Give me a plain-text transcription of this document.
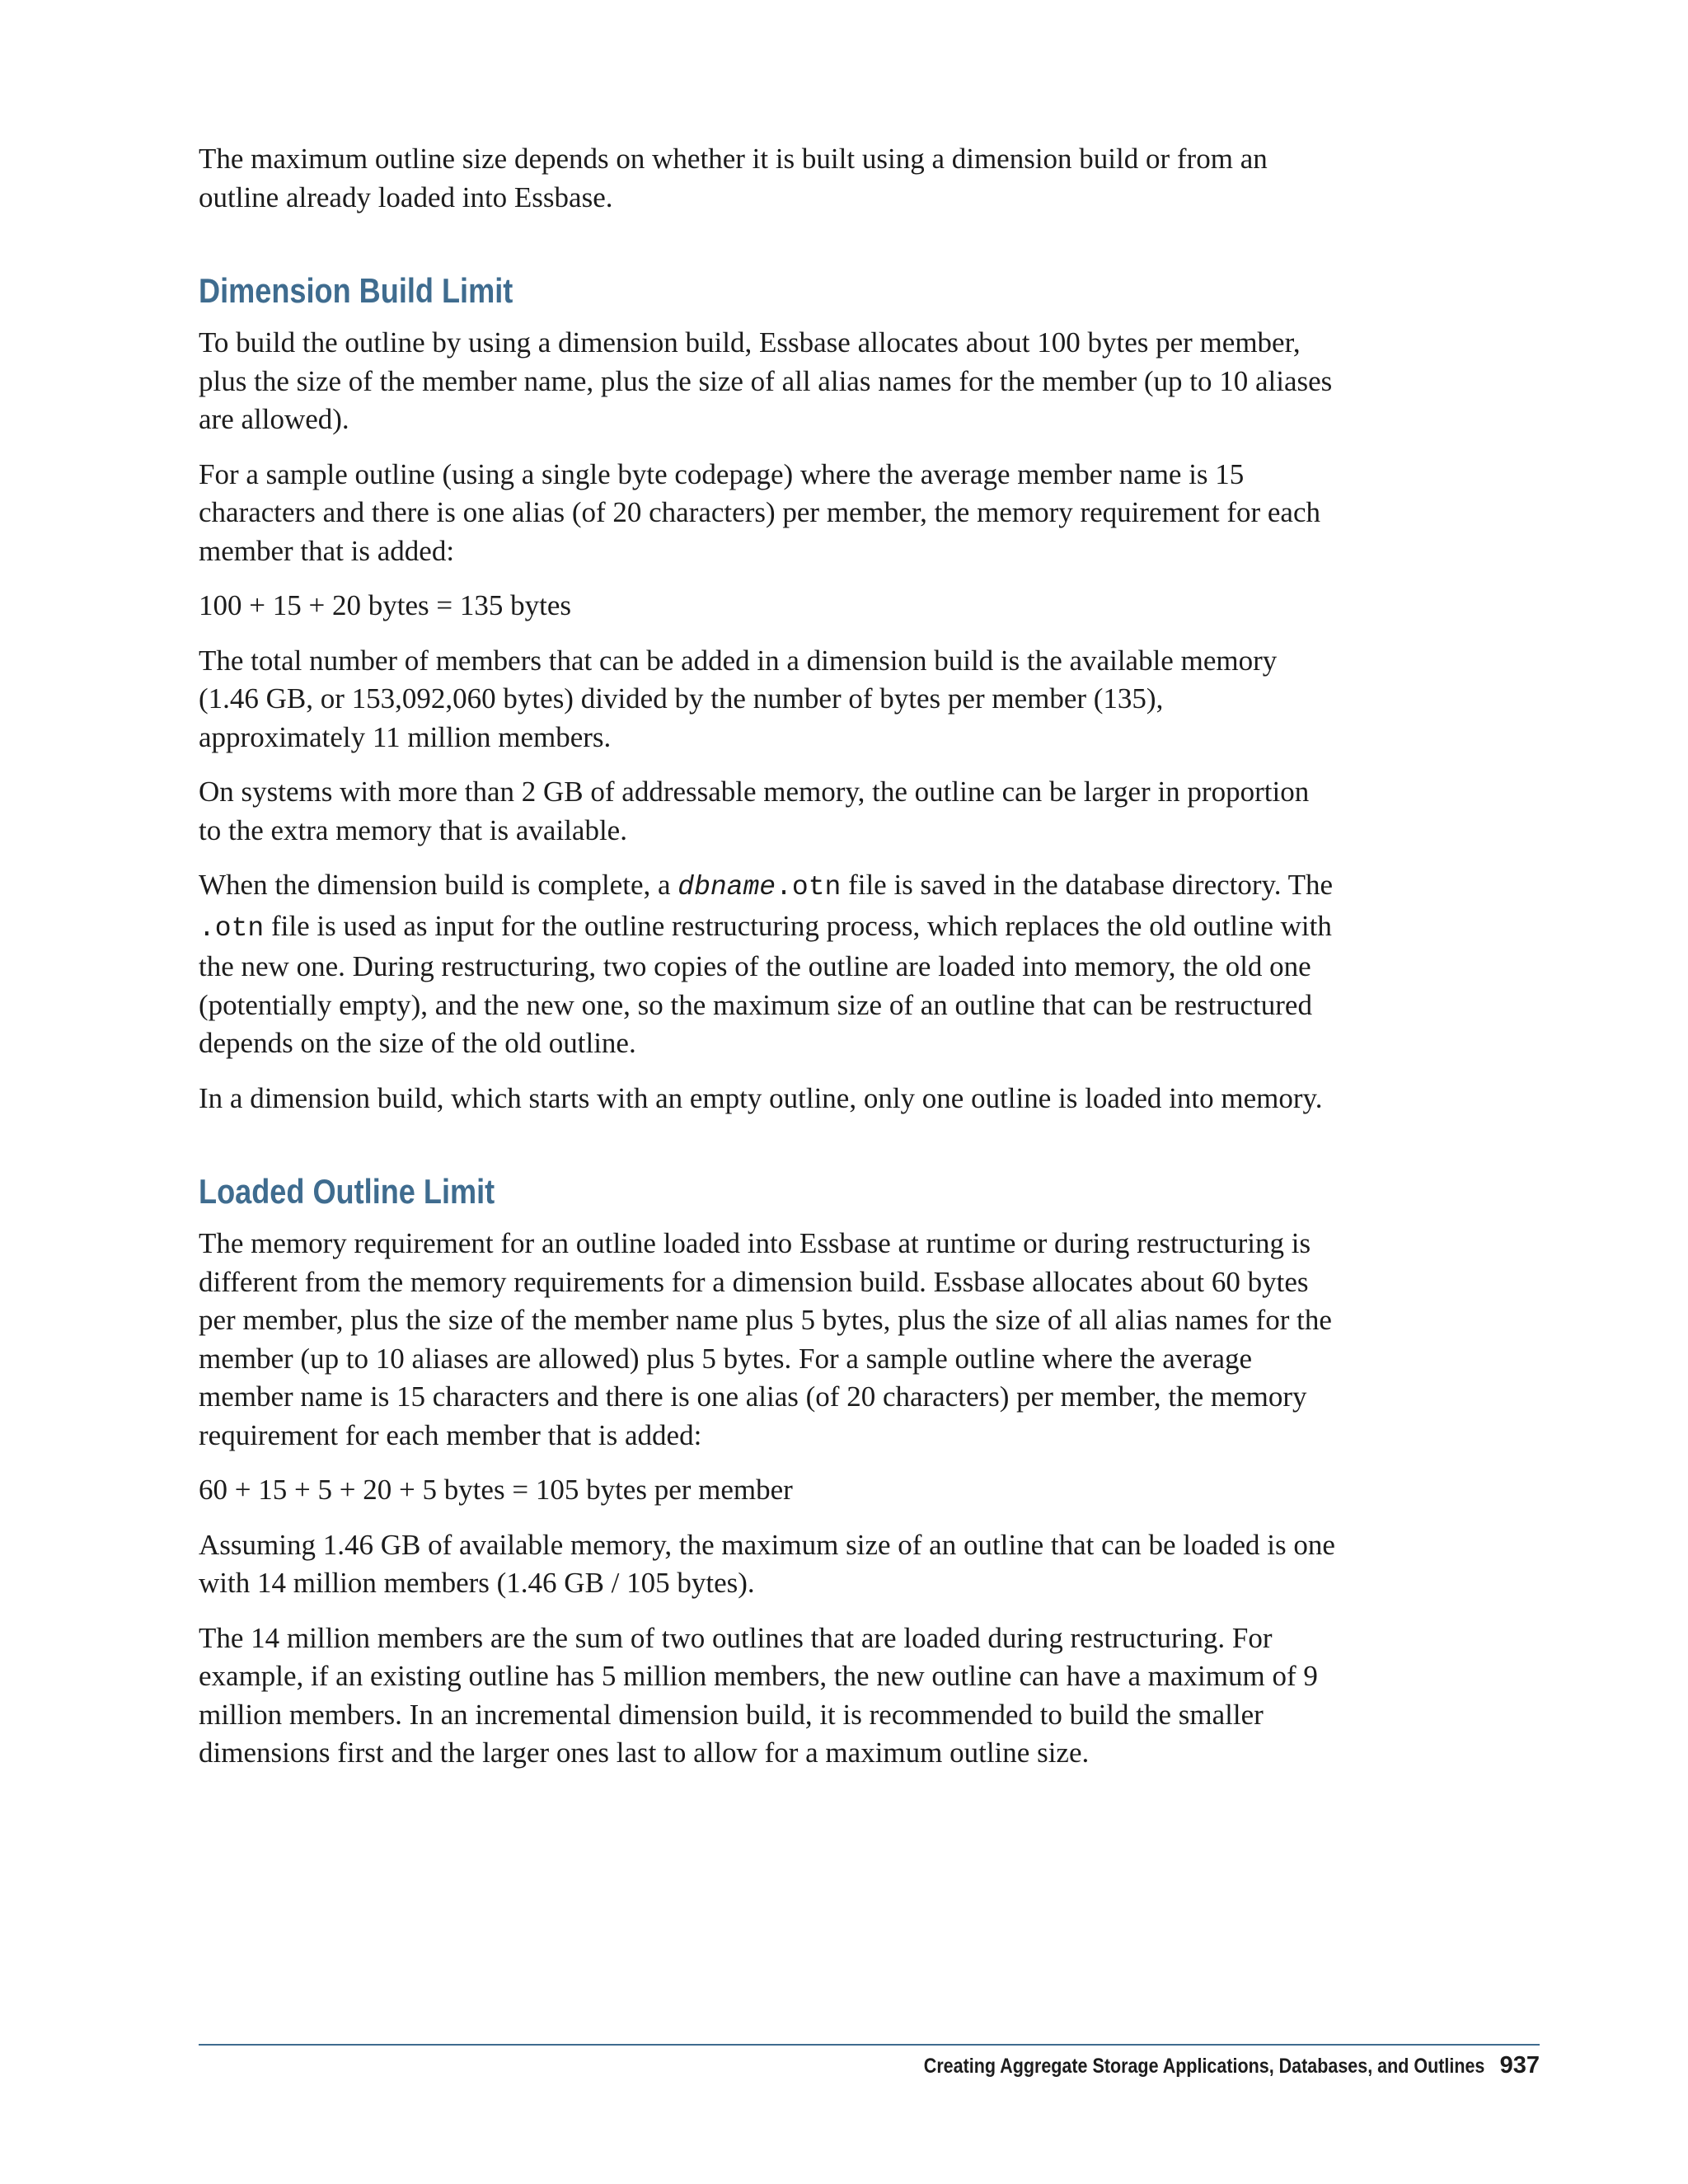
The maximum outline size depends on whether it is built using a dimension build or from an outline already loaded into Essbase.

Dimension Build Limit

To build the outline by using a dimension build, Essbase allocates about 100 bytes per member, plus the size of the member name, plus the size of all alias names for the member (up to 10 aliases are allowed).

For a sample outline (using a single byte codepage) where the average member name is 15 characters and there is one alias (of 20 characters) per member, the memory requirement for each member that is added:

100 + 15 + 20 bytes = 135 bytes

The total number of members that can be added in a dimension build is the available memory (1.46 GB, or 153,092,060 bytes) divided by the number of bytes per member (135), approximately 11 million members.

On systems with more than 2 GB of addressable memory, the outline can be larger in proportion to the extra memory that is available.

When the dimension build is complete, a dbname.otn file is saved in the database directory. The .otn file is used as input for the outline restructuring process, which replaces the old outline with the new one. During restructuring, two copies of the outline are loaded into memory, the old one (potentially empty), and the new one, so the maximum size of an outline that can be restructured depends on the size of the old outline.

In a dimension build, which starts with an empty outline, only one outline is loaded into memory.

Loaded Outline Limit

The memory requirement for an outline loaded into Essbase at runtime or during restructuring is different from the memory requirements for a dimension build. Essbase allocates about 60 bytes per member, plus the size of the member name plus 5 bytes, plus the size of all alias names for the member (up to 10 aliases are allowed) plus 5 bytes. For a sample outline where the average member name is 15 characters and there is one alias (of 20 characters) per member, the memory requirement for each member that is added:

60 + 15 + 5 + 20 + 5 bytes = 105 bytes per member

Assuming 1.46 GB of available memory, the maximum size of an outline that can be loaded is one with 14 million members (1.46 GB / 105 bytes).

The 14 million members are the sum of two outlines that are loaded during restructuring. For example, if an existing outline has 5 million members, the new outline can have a maximum of 9 million members. In an incremental dimension build, it is recommended to build the smaller dimensions first and the larger ones last to allow for a maximum outline size.

Creating Aggregate Storage Applications, Databases, and Outlines 937
